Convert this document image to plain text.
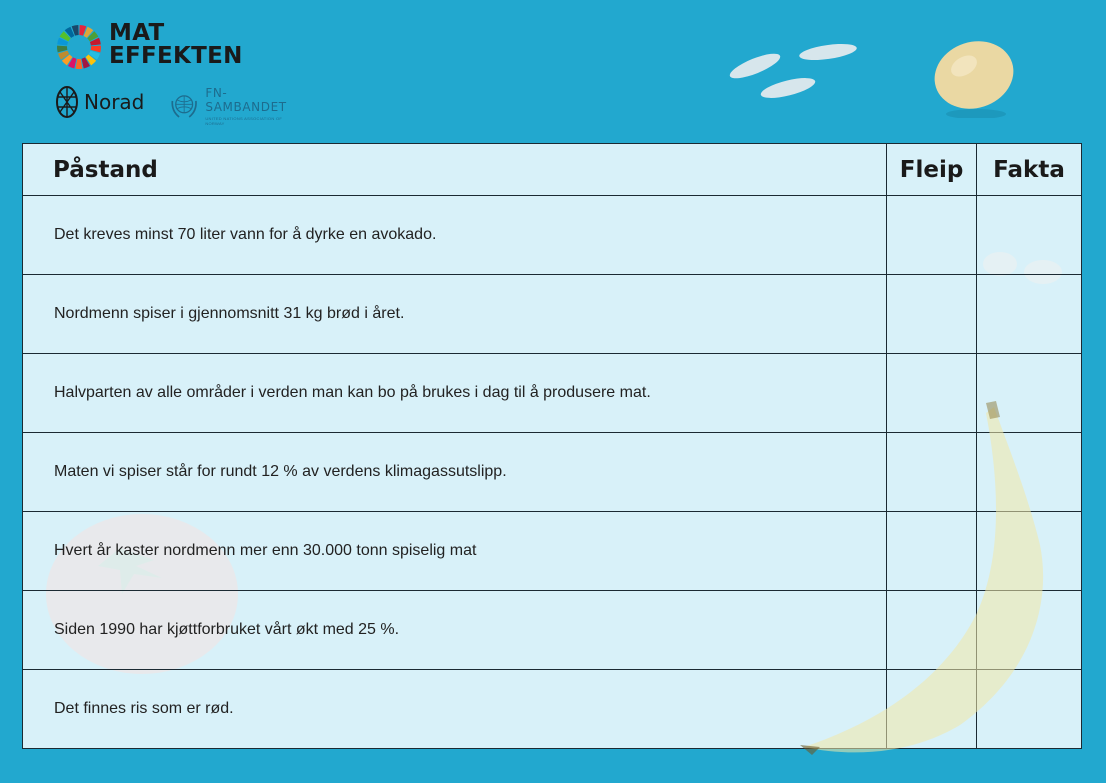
MAT
EFFEKTEN
Norad	FN-SAMBANDET
UNITED NATIONS ASSOCIATION OF NORWAY
Påstand	Fleip	Fakta
Det kreves minst 70 liter vann for å dyrke en avokado.		
Nordmenn spiser i gjennomsnitt 31 kg brød i året.		
Halvparten av alle områder i verden man kan bo på brukes i dag til å produsere mat.		
Maten vi spiser står for rundt 12 % av verdens klimagassutslipp.		
Hvert år kaster nordmenn mer enn 30.000 tonn spiselig mat		
Siden 1990 har kjøttforbruket vårt økt med 25 %.		
Det finnes ris som er rød.		
